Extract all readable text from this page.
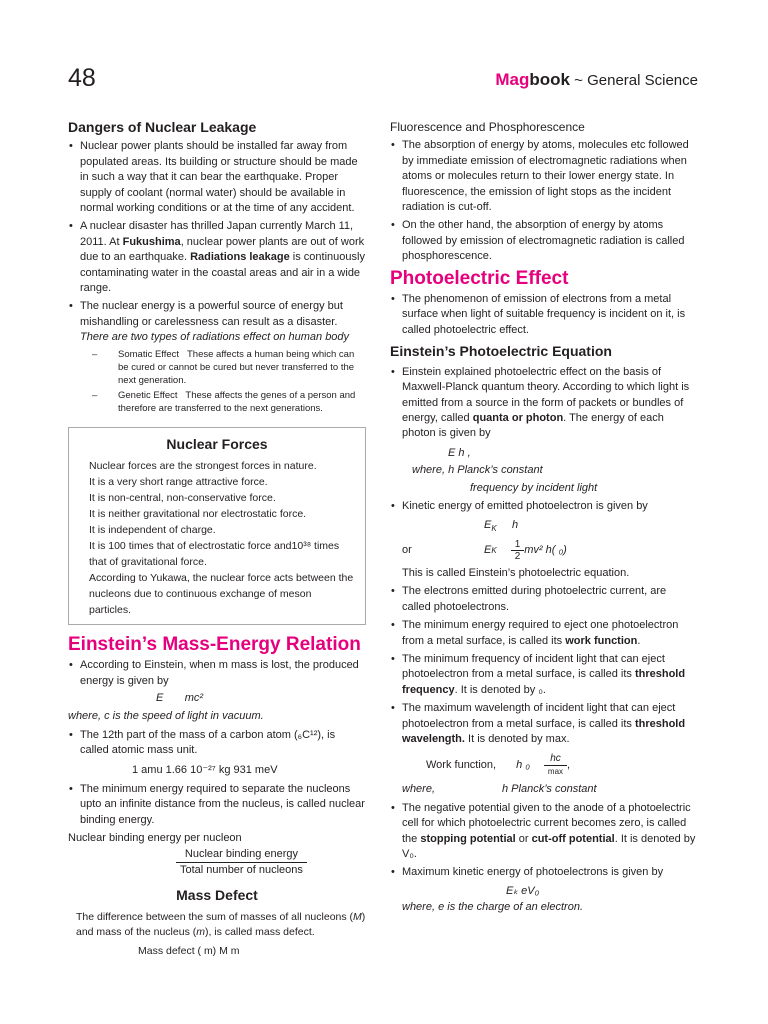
48	Magbook ~ General Science
Dangers of Nuclear Leakage
• Nuclear power plants should be installed far away from populated areas. Its building or structure should be made in such a way that it can bear the earthquake. Proper supply of coolant (normal water) should be available in normal working conditions or at the time of any accident.
• A nuclear disaster has thrilled Japan currently March 11, 2011. At Fukushima, nuclear power plants are out of work due to an earthquake. Radiations leakage is continuously contaminating water in the coastal areas and air in a wide range.
• The nuclear energy is a powerful source of energy but mishandling or carelessness can result as a disaster.
There are two types of radiations effect on human body
– Somatic Effect These affects a human being which can be cured or cannot be cured but never transferred to the next generation.
– Genetic Effect These affects the genes of a person and therefore are transferred to the next generations.
Nuclear Forces

Nuclear forces are the strongest forces in nature.

It is a very short range attractive force.

It is non-central, non-conservative force.

It is neither gravitational nor electrostatic force.

It is independent of charge.

It is 100 times that of electrostatic force and10³⁸ times that of gravitational force.

According to Yukawa, the nuclear force acts between the nucleons due to continuous exchange of meson particles.

Einstein’s Mass-Energy Relation
• According to Einstein, when m mass is lost, the produced energy is given by
E mc²
where, c is the speed of light in vacuum.
• The 12th part of the mass of a carbon atom (₆C¹²), is called atomic mass unit.
1 amu 1.66 10⁻²⁷ kg 931 meV
• The minimum energy required to separate the nucleons upto an infinite distance from the nucleus, is called nuclear binding energy.
Nuclear binding energy per nucleon
$\frac{\text{Nuclear binding energy}}{\text{Total number of nucleons}}$
Mass Defect
The difference between the sum of masses of all nucleons (M) and mass of the nucleus (m), is called mass defect.
Mass defect ( m) M m
Fluorescence and Phosphorescence
• The absorption of energy by atoms, molecules etc followed by immediate emission of electromagnetic radiations when atoms or molecules return to their lower energy state. In fluorescence, the emission of light stops as the incident radiation is cut-off.
• On the other hand, the absorption of energy by atoms followed by emission of electromagnetic radiation is called phosphorescence.
Photoelectric Effect
• The phenomenon of emission of electrons from a metal surface when light of suitable frequency is incident on it, is called photoelectric effect.
Einstein’s Photoelectric Equation
• Einstein explained photoelectric effect on the basis of Maxwell-Planck quantum theory. According to which light is emitted from a source in the form of packets or bundles of energy, called quanta or photon. The energy of each photon is given by
E h ,
where, h Planck’s constant
frequency by incident light
• Kinetic energy of emitted photoelectron is given by
$E_K$ h
or	E K $\frac{1}{2} mv^2$ h( ₀)
This is called Einstein’s photoelectric equation.
• The electrons emitted during photoelectric current, are called photoelectrons.
• The minimum energy required to eject one photoelectron from a metal surface, is called its work function.
• The minimum frequency of incident light that can eject photoelectron from a metal surface, is called its threshold frequency. It is denoted by ₀.
• The maximum wavelength of incident light that can eject photoelectron from a metal surface, is called its threshold wavelength. It is denoted by max.
Work function, h $_0 \frac{hc}{\max}$ ,
where,	h Planck’s constant
• The negative potential given to the anode of a photoelectric cell for which photoelectric current becomes zero, is called the stopping potential or cut-off potential. It is denoted by V₀.
• Maximum kinetic energy of photoelectrons is given by
Eₖ eV₀
where, e is the charge of an electron.
